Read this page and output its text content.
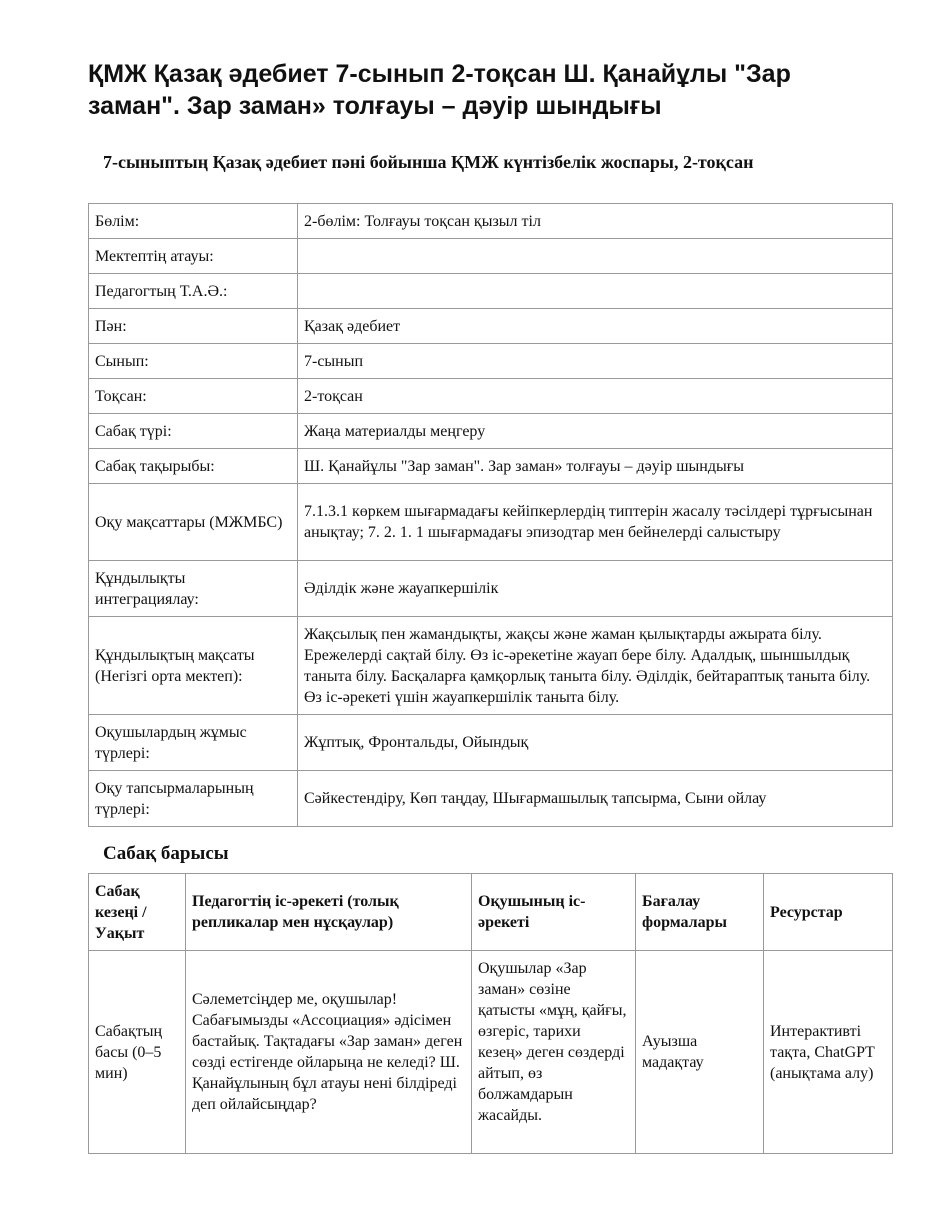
ҚМЖ Қазақ әдебиет 7-сынып 2-тоқсан Ш. Қанайұлы "Зар заман". Зар заман» толғауы – дәуір шындығы
7-сыныптың Қазақ әдебиет пәні бойынша ҚМЖ күнтізбелік жоспары, 2-тоқсан
Бөлім:	2-бөлім: Толғауы тоқсан қызыл тіл
Мектептің атауы:	
Педагогтың Т.А.Ә.:	
Пән:	Қазақ әдебиет
Сынып:	7-сынып
Тоқсан:	2-тоқсан
Сабақ түрі:	Жаңа материалды меңгеру
Сабақ тақырыбы:	Ш. Қанайұлы "Зар заман". Зар заман» толғауы – дәуір шындығы
Оқу мақсаттары (МЖМБС)	7.1.3.1 көркем шығармадағы кейіпкерлердің типтерін жасалу тәсілдері тұрғысынан анықтау; 7. 2. 1. 1 шығармадағы эпизодтар мен бейнелерді салыстыру
Құндылықты интеграциялау:	Әділдік және жауапкершілік
Құндылықтың мақсаты (Негізгі орта мектеп):	Жақсылық пен жамандықты, жақсы және жаман қылықтарды ажырата білу. Ережелерді сақтай білу. Өз іс-әрекетіне жауап бере білу. Адалдық, шыншылдық таныта білу. Басқаларға қамқорлық таныта білу. Әділдік, бейтараптық таныта білу. Өз іс-әрекеті үшін жауапкершілік таныта білу.
Оқушылардың жұмыс түрлері:	Жұптық, Фронтальды, Ойындық
Оқу тапсырмаларының түрлері:	Сәйкестендіру, Көп таңдау, Шығармашылық тапсырма, Сыни ойлау
Сабақ барысы
Сабақ кезеңі / Уақыт	Педагогтің іс-әрекеті (толық репликалар мен нұсқаулар)	Оқушының іс-әрекеті	Бағалау формалары	Ресурстар
Сабақтың басы (0–5 мин)	Сәлеметсіңдер ме, оқушылар! Сабағымызды «Ассоциация» әдісімен бастайық. Тақтадағы «Зар заман» деген сөзді естігенде ойларыңа не келеді? Ш. Қанайұлының бұл атауы нені білдіреді деп ойлайсыңдар?	Оқушылар «Зар заман» сөзіне қатысты «мұң, қайғы, өзгеріс, тарихи кезең» деген сөздерді айтып, өз болжамдарын жасайды.	Ауызша мадақтау	Интерактивті тақта, ChatGPT (анықтама алу)
